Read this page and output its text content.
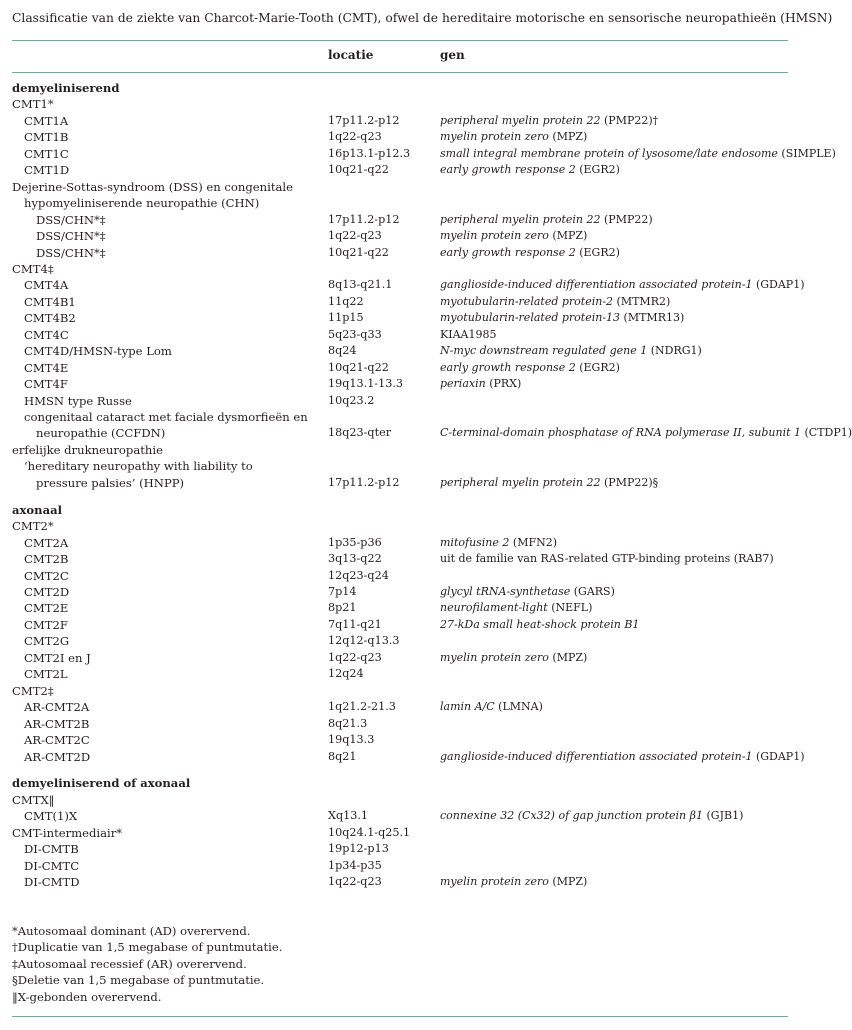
Classificatie van de ziekte van Charcot-Marie-Tooth (CMT), ofwel de hereditaire motorische en sensorische neuropathieën (HMSN)
locatie	gen
demyeliniserend
CMT1*
CMT1A	17p11.2-p12	peripheral myelin protein 22 (PMP22)†
CMT1B	1q22-q23	myelin protein zero (MPZ)
CMT1C	16p13.1-p12.3	small integral membrane protein of lysosome/late endosome (SIMPLE)
CMT1D	10q21-q22	early growth response 2 (EGR2)
Dejerine-Sottas-syndroom (DSS) en congenitale
hypomyeliniserende neuropathie (CHN)
DSS/CHN*‡	17p11.2-p12	peripheral myelin protein 22 (PMP22)
DSS/CHN*‡	1q22-q23	myelin protein zero (MPZ)
DSS/CHN*‡	10q21-q22	early growth response 2 (EGR2)
CMT4‡
CMT4A	8q13-q21.1	ganglioside-induced differentiation associated protein-1 (GDAP1)
CMT4B1	11q22	myotubularin-related protein-2 (MTMR2)
CMT4B2	11p15	myotubularin-related protein-13 (MTMR13)
CMT4C	5q23-q33	KIAA1985
CMT4D/HMSN-type Lom	8q24	N-myc downstream regulated gene 1 (NDRG1)
CMT4E	10q21-q22	early growth response 2 (EGR2)
CMT4F	19q13.1-13.3	periaxin (PRX)
HMSN type Russe	10q23.2
congenitaal cataract met faciale dysmorfieën en
neuropathie (CCFDN)	18q23-qter	C-terminal-domain phosphatase of RNA polymerase II, subunit 1 (CTDP1)
erfelijke drukneuropathie
‘hereditary neuropathy with liability to
pressure palsies’ (HNPP)	17p11.2-p12	peripheral myelin protein 22 (PMP22)§
axonaal
CMT2*
CMT2A	1p35-p36	mitofusine 2 (MFN2)
CMT2B	3q13-q22	uit de familie van RAS-related GTP-binding proteins (RAB7)
CMT2C	12q23-q24
CMT2D	7p14	glycyl tRNA-synthetase (GARS)
CMT2E	8p21	neurofilament-light (NEFL)
CMT2F	7q11-q21	27-kDa small heat-shock protein B1
CMT2G	12q12-q13.3
CMT2I en J	1q22-q23	myelin protein zero (MPZ)
CMT2L	12q24
CMT2‡
AR-CMT2A	1q21.2-21.3	lamin A/C (LMNA)
AR-CMT2B	8q21.3
AR-CMT2C	19q13.3
AR-CMT2D	8q21	ganglioside-induced differentiation associated protein-1 (GDAP1)
demyeliniserend of axonaal
CMTX‖
CMT(1)X	Xq13.1	connexine 32 (Cx32) of gap junction protein β1 (GJB1)
CMT-intermediair*	10q24.1-q25.1
DI-CMTB	19p12-p13
DI-CMTC	1p34-p35
DI-CMTD	1q22-q23	myelin protein zero (MPZ)
*Autosomaal dominant (AD) overervend.
†Duplicatie van 1,5 megabase of puntmutatie.
‡Autosomaal recessief (AR) overervend.
§Deletie van 1,5 megabase of puntmutatie.
‖X-gebonden overervend.
